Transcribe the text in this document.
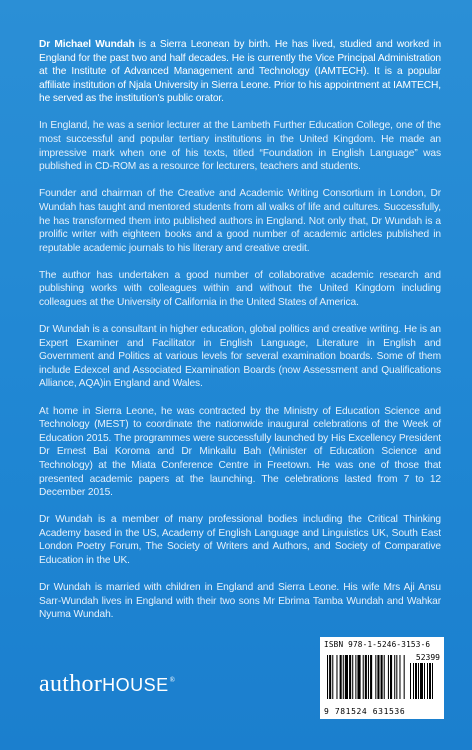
Dr Michael Wundah is a Sierra Leonean by birth. He has lived, studied and worked in England for the past two and half decades. He is currently the Vice Principal Administration at the Institute of Advanced Management and Technology (IAMTECH). It is a popular affiliate institution of Njala University in Sierra Leone. Prior to his appointment at IAMTECH, he served as the institution's public orator.

In England, he was a senior lecturer at the Lambeth Further Education College, one of the most successful and popular tertiary institutions in the United Kingdom. He made an impressive mark when one of his texts, titled “Foundation in English Language” was published in CD-ROM as a resource for lecturers, teachers and students.

Founder and chairman of the Creative and Academic Writing Consortium in London, Dr Wundah has taught and mentored students from all walks of life and cultures. Successfully, he has transformed them into published authors in England. Not only that, Dr Wundah is a prolific writer with eighteen books and a good number of academic articles published in reputable academic journals to his literary and creative credit.

The author has undertaken a good number of collaborative academic research and publishing works with colleagues within and without the United Kingdom including colleagues at the University of California in the United States of America.

Dr Wundah is a consultant in higher education, global politics and creative writing. He is an Expert Examiner and Facilitator in English Language, Literature in English and Government and Politics at various levels for several examination boards. Some of them include Edexcel and Associated Examination Boards (now Assessment and Qualifications Alliance, AQA)in England and Wales.

At home in Sierra Leone, he was contracted by the Ministry of Education Science and Technology (MEST) to coordinate the nationwide inaugural celebrations of the Week of Education 2015. The programmes were successfully launched by His Excellency President Dr Ernest Bai Koroma and Dr Minkailu Bah (Minister of Education Science and Technology) at the Miata Conference Centre in Freetown. He was one of those that presented academic papers at the launching. The celebrations lasted from 7 to 12 December 2015.

Dr Wundah is a member of many professional bodies including the Critical Thinking Academy based in the US, Academy of English Language and Linguistics UK, South East London Poetry Forum, The Society of Writers and Authors, and Society of Comparative Education in the UK.

Dr Wundah is married with children in England and Sierra Leone. His wife Mrs Aji Ansu Sarr-Wundah lives in England with their two sons Mr Ebrima Tamba Wundah and Wahkar Nyuma Wundah.

authorHOUSE®
ISBN 978-1-5246-3153-6
52399
9 781524 631536
